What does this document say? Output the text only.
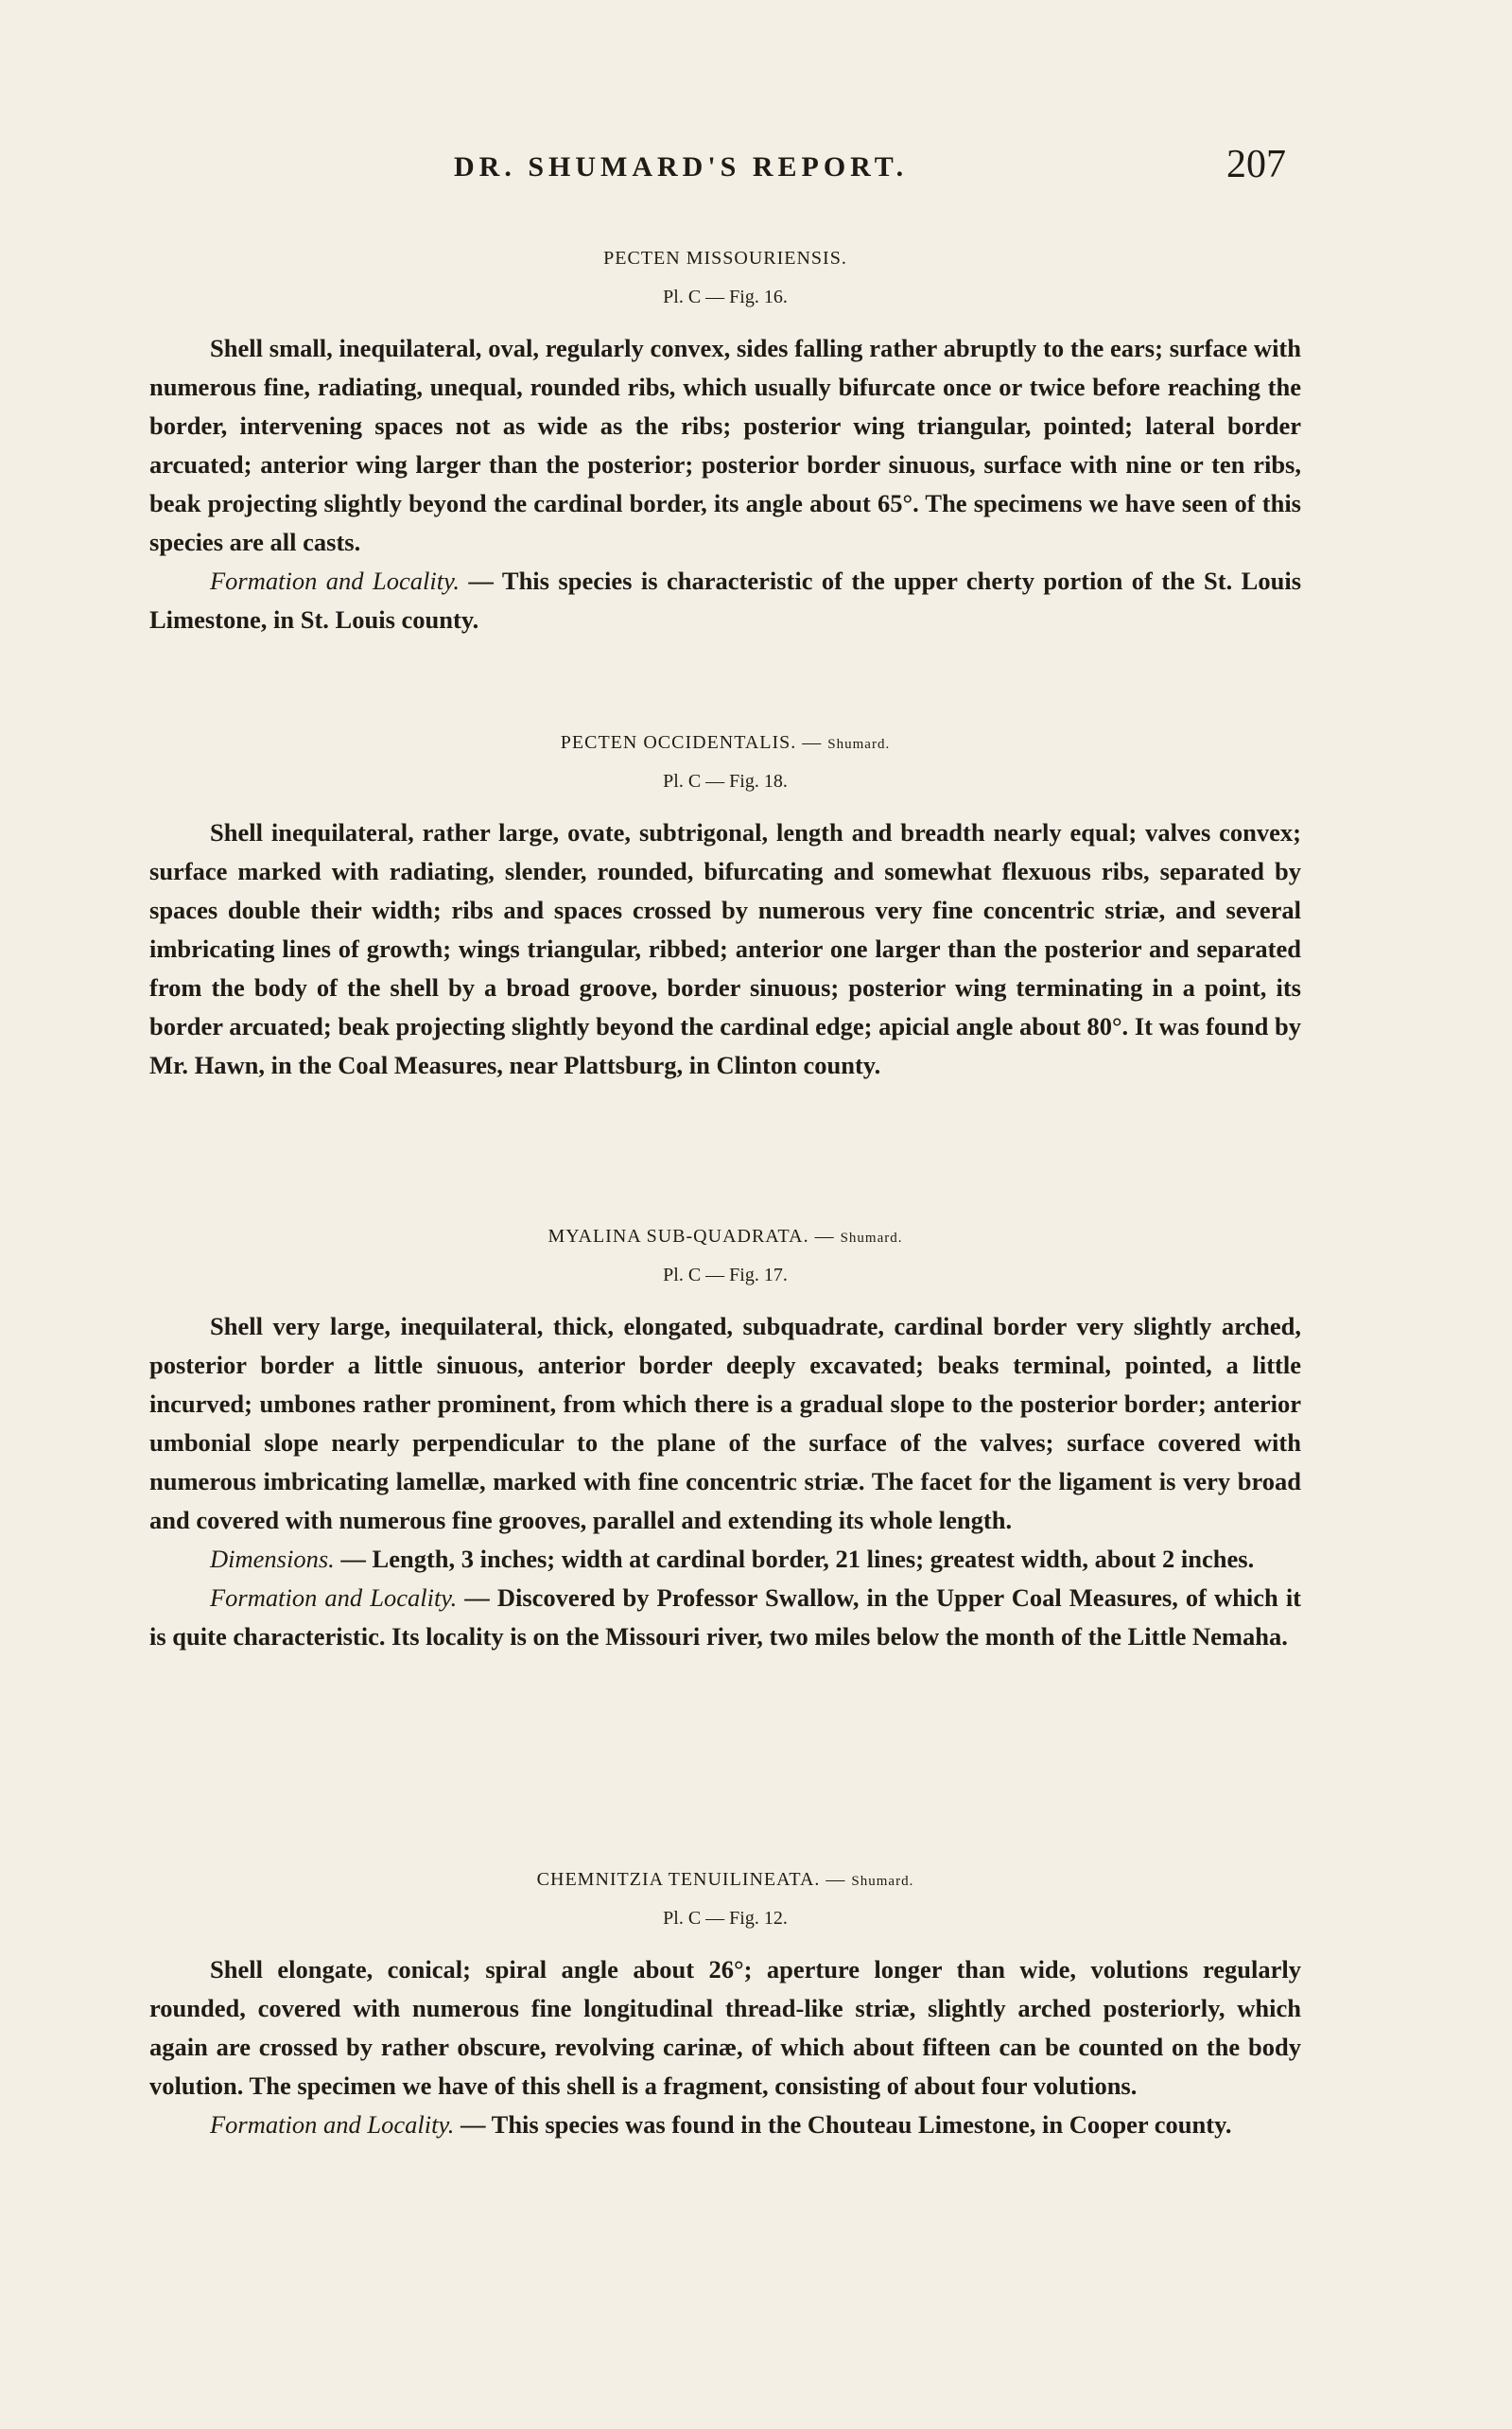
DR. SHUMARD'S REPORT.	207
PECTEN MISSOURIENSIS.
Pl. C — Fig. 16.

Shell small, inequilateral, oval, regularly convex, sides falling rather abruptly to the ears; surface with numerous fine, radiating, unequal, rounded ribs, which usually bifurcate once or twice before reaching the border, intervening spaces not as wide as the ribs; posterior wing triangular, pointed; lateral border arcuated; anterior wing larger than the posterior; posterior border sinuous, surface with nine or ten ribs, beak projecting slightly beyond the cardinal border, its angle about 65°. The specimens we have seen of this species are all casts.

Formation and Locality. — This species is characteristic of the upper cherty portion of the St. Louis Limestone, in St. Louis county.

PECTEN OCCIDENTALIS. — Shumard.
Pl. C — Fig. 18.

Shell inequilateral, rather large, ovate, subtrigonal, length and breadth nearly equal; valves convex; surface marked with radiating, slender, rounded, bifurcating and somewhat flexuous ribs, separated by spaces double their width; ribs and spaces crossed by numerous very fine concentric striæ, and several imbricating lines of growth; wings triangular, ribbed; anterior one larger than the posterior and separated from the body of the shell by a broad groove, border sinuous; posterior wing terminating in a point, its border arcuated; beak projecting slightly beyond the cardinal edge; apicial angle about 80°. It was found by Mr. Hawn, in the Coal Measures, near Plattsburg, in Clinton county.

MYALINA SUB-QUADRATA. — Shumard.
Pl. C — Fig. 17.

Shell very large, inequilateral, thick, elongated, subquadrate, cardinal border very slightly arched, posterior border a little sinuous, anterior border deeply excavated; beaks terminal, pointed, a little incurved; umbones rather prominent, from which there is a gradual slope to the posterior border; anterior umbonial slope nearly perpendicular to the plane of the surface of the valves; surface covered with numerous imbricating lamellæ, marked with fine concentric striæ. The facet for the ligament is very broad and covered with numerous fine grooves, parallel and extending its whole length.

Dimensions. — Length, 3 inches; width at cardinal border, 21 lines; greatest width, about 2 inches.

Formation and Locality. — Discovered by Professor Swallow, in the Upper Coal Measures, of which it is quite characteristic. Its locality is on the Missouri river, two miles below the month of the Little Nemaha.

CHEMNITZIA TENUILINEATA. — Shumard.
Pl. C — Fig. 12.

Shell elongate, conical; spiral angle about 26°; aperture longer than wide, volutions regularly rounded, covered with numerous fine longitudinal thread-like striæ, slightly arched posteriorly, which again are crossed by rather obscure, revolving carinæ, of which about fifteen can be counted on the body volution. The specimen we have of this shell is a fragment, consisting of about four volutions.

Formation and Locality. — This species was found in the Chouteau Limestone, in Cooper county.
